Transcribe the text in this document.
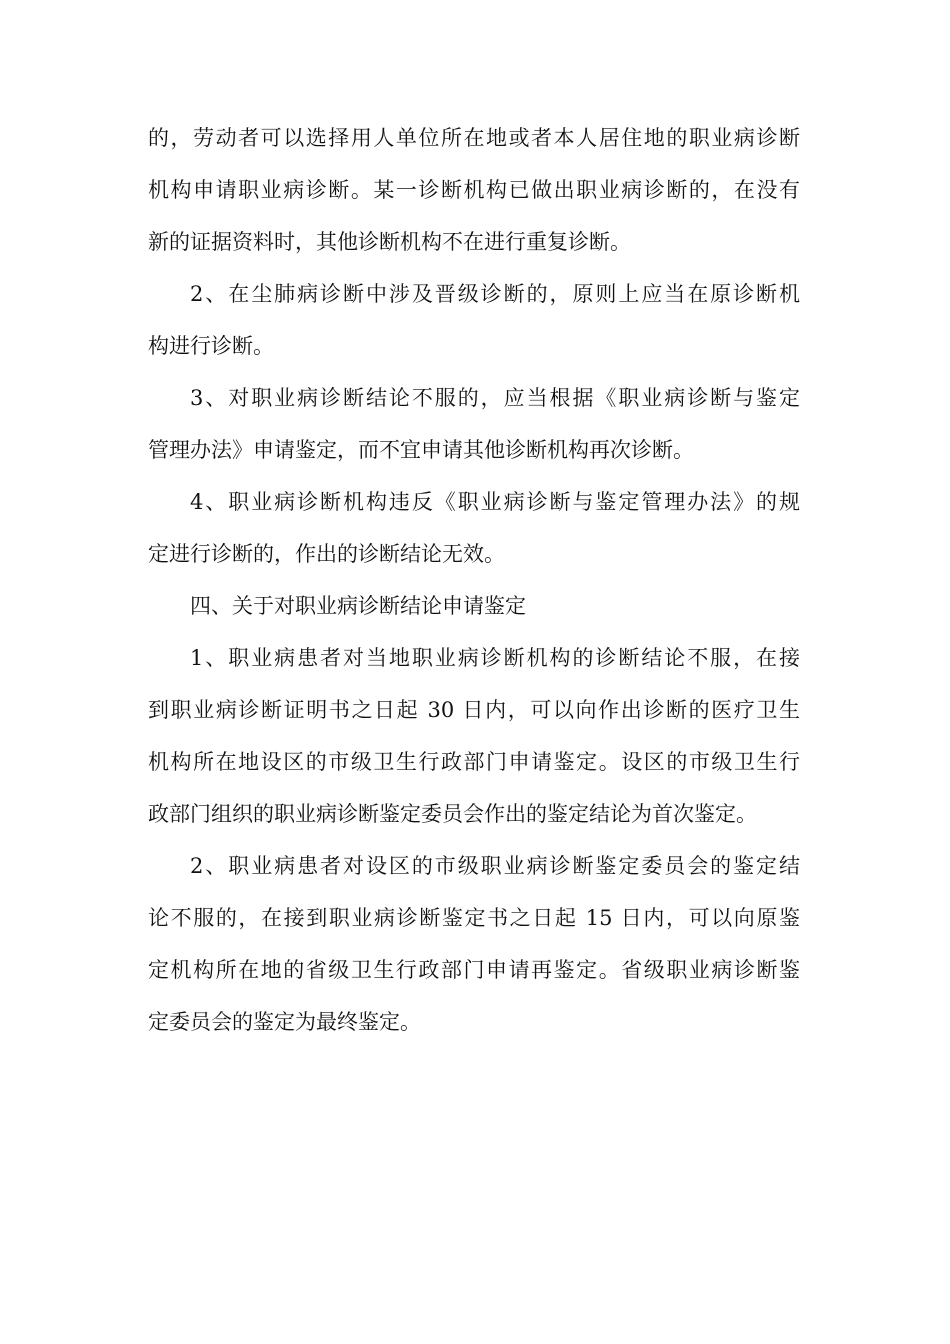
的，劳动者可以选择用人单位所在地或者本人居住地的职业病诊断
机构申请职业病诊断。某一诊断机构已做出职业病诊断的，在没有
新的证据资料时，其他诊断机构不在进行重复诊断。
2、在尘肺病诊断中涉及晋级诊断的，原则上应当在原诊断机
构进行诊断。
3、对职业病诊断结论不服的，应当根据《职业病诊断与鉴定
管理办法》申请鉴定，而不宜申请其他诊断机构再次诊断。
4、职业病诊断机构违反《职业病诊断与鉴定管理办法》的规
定进行诊断的，作出的诊断结论无效。
四、关于对职业病诊断结论申请鉴定
1、职业病患者对当地职业病诊断机构的诊断结论不服，在接
到职业病诊断证明书之日起 30 日内，可以向作出诊断的医疗卫生
机构所在地设区的市级卫生行政部门申请鉴定。设区的市级卫生行
政部门组织的职业病诊断鉴定委员会作出的鉴定结论为首次鉴定。
2、职业病患者对设区的市级职业病诊断鉴定委员会的鉴定结
论不服的，在接到职业病诊断鉴定书之日起 15 日内，可以向原鉴
定机构所在地的省级卫生行政部门申请再鉴定。省级职业病诊断鉴
定委员会的鉴定为最终鉴定。
